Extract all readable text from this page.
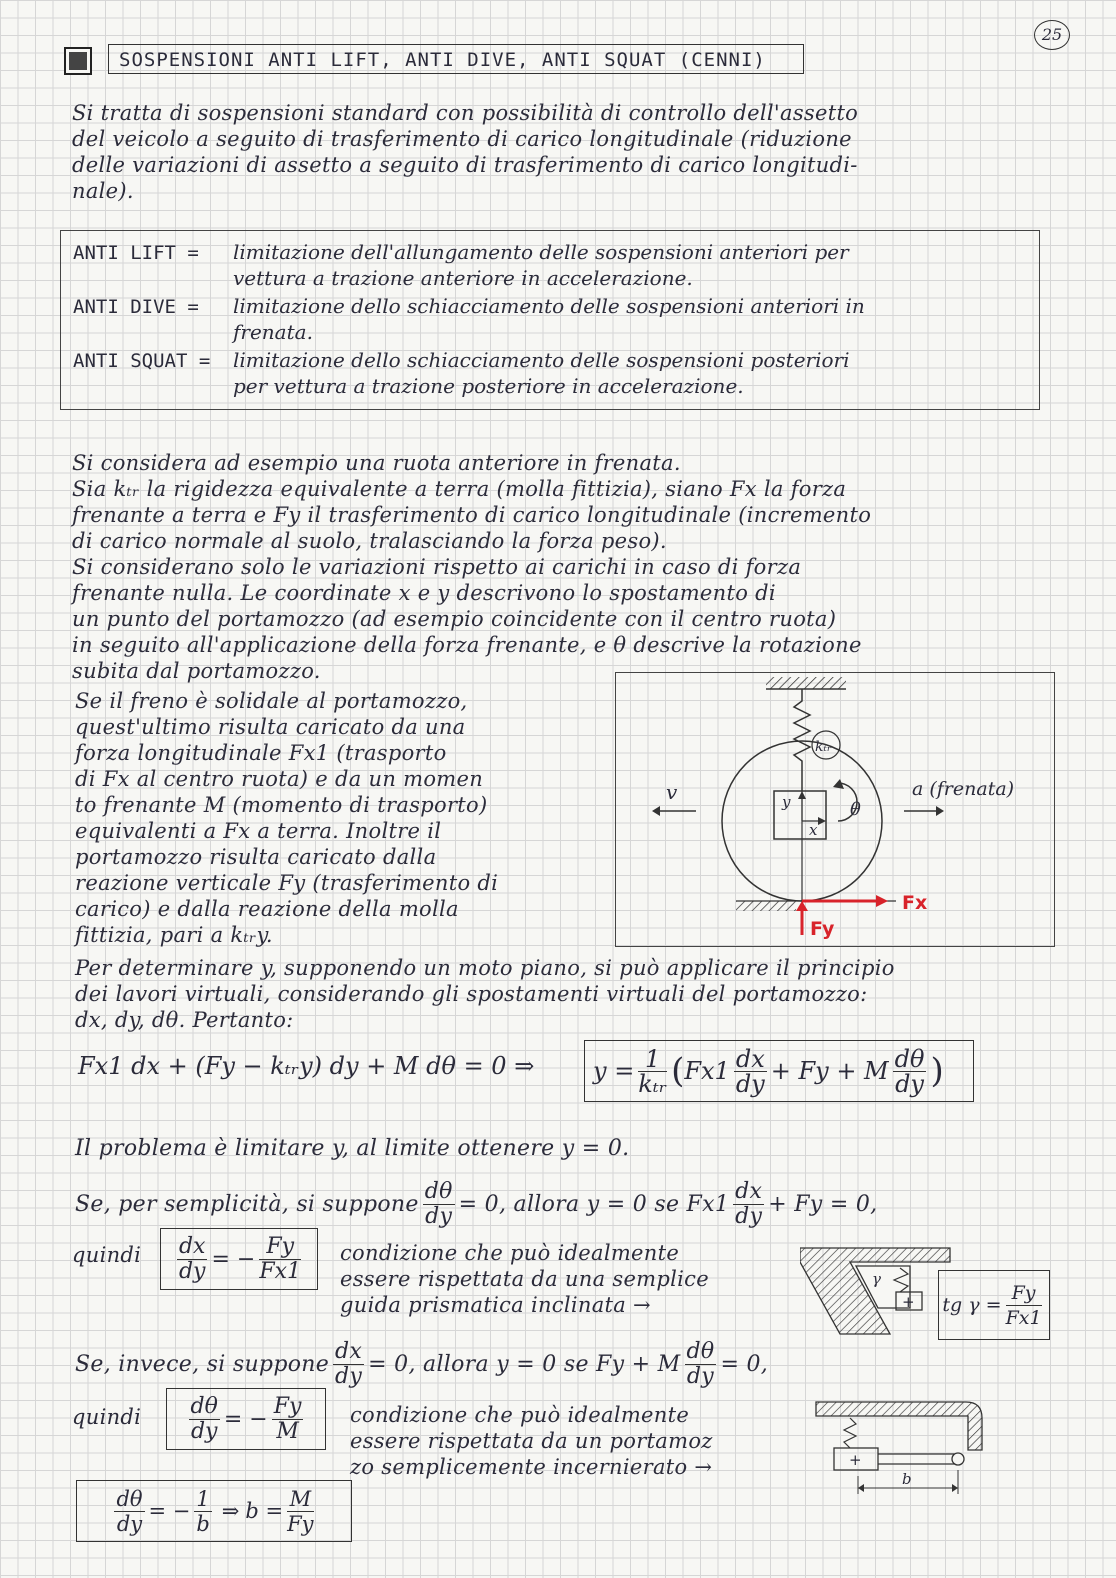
25
SOSPENSIONI ANTI LIFT, ANTI DIVE, ANTI SQUAT (CENNI)
Si tratta di sospensioni standard con possibilità di controllo dell'assetto
del veicolo a seguito di trasferimento di carico longitudinale (riduzione
delle variazioni di assetto a seguito di trasferimento di carico longitudi-
nale).
ANTI LIFT = limitazione dell'allungamento delle sospensioni anteriori per
vettura a trazione anteriore in accelerazione.
ANTI DIVE = limitazione dello schiacciamento delle sospensioni anteriori in
frenata.
ANTI SQUAT = limitazione dello schiacciamento delle sospensioni posteriori
per vettura a trazione posteriore in accelerazione.
Si considera ad esempio una ruota anteriore in frenata.
Sia kₜᵣ la rigidezza equivalente a terra (molla fittizia), siano Fx la forza
frenante a terra e Fy il trasferimento di carico longitudinale (incremento
di carico normale al suolo, tralasciando la forza peso).
Si considerano solo le variazioni rispetto ai carichi in caso di forza
frenante nulla. Le coordinate x e y descrivono lo spostamento di
un punto del portamozzo (ad esempio coincidente con il centro ruota)
in seguito all'applicazione della forza frenante, e θ descrive la rotazione
subita dal portamozzo.
Se il freno è solidale al portamozzo,
quest'ultimo risulta caricato da una
forza longitudinale Fx1 (trasporto
di Fx al centro ruota) e da un momen
to frenante M (momento di trasporto)
equivalenti a Fx a terra. Inoltre il
portamozzo risulta caricato dalla
reazione verticale Fy (trasferimento di
carico) e dalla reazione della molla
fittizia, pari a kₜᵣy.
kₜᵣ
y
x
θ
v	a (frenata)
Fx
Fy
Per determinare y, supponendo un moto piano, si può applicare il principio
dei lavori virtuali, considerando gli spostamenti virtuali del portamozzo:
dx, dy, dθ. Pertanto:
Fx1 dx + (Fy − kₜᵣy) dy + M dθ = 0 ⇒ $y = \frac{1}{\text{kₜᵣ}}$ ( $Fx1 \frac{dx}{dy} + Fy + M \frac{d\theta}{dy}$ )
Il problema è limitare y, al limite ottenere y = 0.
Se, per semplicità, si suppone $\frac{d\theta}{dy} = 0$, allora y = 0 se $Fx1 \frac{dx}{dy} + Fy = 0$,
quindi $\frac{dx}{dy}$ = − $\frac{Fy}{Fx1}$ condizione che può idealmente
essere rispettata da una semplice
guida prismatica inclinata →
γ
+ tg $\gamma = \frac{Fy}{Fx1}$
Se, invece, si suppone $\frac{dx}{dy} = 0$, allora y = 0 se Fy + M $\frac{d\theta}{dy} = 0$,
quindi $\frac{d\theta}{dy}$ = − $\frac{Fy}{M}$ condizione che può idealmente
essere rispettata da un portamoz
zo semplicemente incernierato →	+
b
$\frac{d\theta}{dy}$ = − $\frac{1}{b}$ ⇒ $b = \frac{M}{Fy}$
